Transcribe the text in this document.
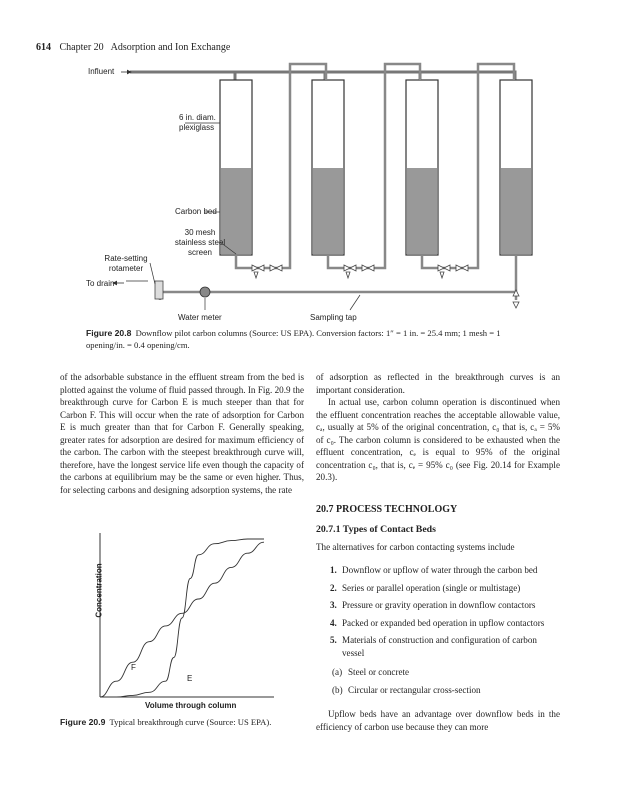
614 Chapter 20 Adsorption and Ion Exchange
Influent
6 in. diam.
plexiglass
Carbon bed
30 mesh
stainless steel
screen
Rate-setting
rotameter
To drain
Water meter	Sampling tap
Figure 20.8 Downflow pilot carbon columns (Source: US EPA). Conversion factors: 1″ = 1 in. = 25.4 mm; 1 mesh = 1 opening/in. = 0.4 opening/cm.

of the adsorbable substance in the effluent stream from the bed is plotted against the volume of fluid passed through. In Fig. 20.9 the breakthrough curve for Carbon E is much steeper than that for Carbon F. This will occur when the rate of adsorption for Carbon E is much greater than that for Carbon F. Generally speaking, greater rates for adsorption are desired for maximum efficiency of the carbon. The carbon with the steepest breakthrough curve will, therefore, have the longest service life even though the capacity of the carbons at equilibrium may be the same or even higher. Thus, for selecting carbons and designing adsorption systems, the rate

Concentration
Volume through column
F
E
Figure 20.9 Typical breakthrough curve (Source: US EPA).

of adsorption as reflected in the breakthrough curves is an important consideration.

In actual use, carbon column operation is discontinued when the effluent concentration reaches the acceptable allowable value, cₐ, usually at 5% of the original concentration, c₀ that is, cₐ = 5% of c₀. The carbon column is considered to be exhausted when the effluent concentration, cₑ is equal to 95% of the original concentration c₀, that is, cₑ = 95% c₀ (see Fig. 20.14 for Example 20.3).

20.7 PROCESS TECHNOLOGY
20.7.1 Types of Contact Beds
The alternatives for carbon contacting systems include
1. Downflow or upflow of water through the carbon bed
2. Series or parallel operation (single or multistage)
3. Pressure or gravity operation in downflow contactors
4. Packed or expanded bed operation in upflow contactors
5. Materials of construction and configuration of carbon vessel
(a) Steel or concrete
(b) Circular or rectangular cross-section
Upflow beds have an advantage over downflow beds in the efficiency of carbon use because they can more
